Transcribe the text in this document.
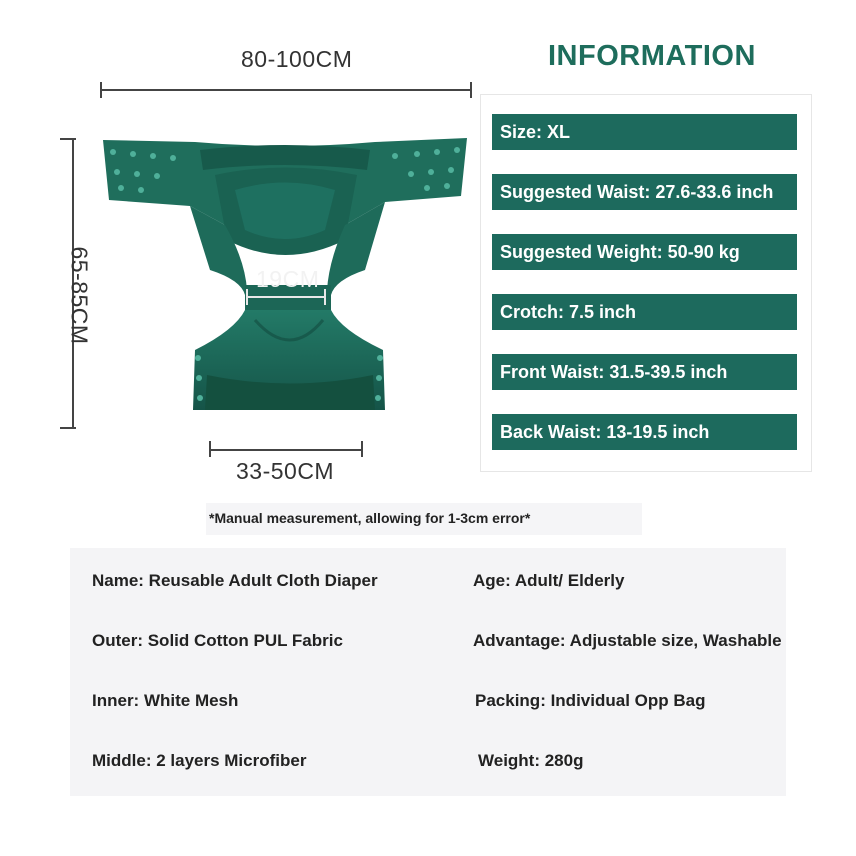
80-100CM
65-85CM	19CM
33-50CM
INFORMATION
Size: XL
Suggested Waist: 27.6-33.6 inch
Suggested Weight: 50-90 kg
Crotch: 7.5 inch
Front Waist: 31.5-39.5 inch
Back Waist: 13-19.5 inch
*Manual measurement, allowing for 1-3cm error*
Name: Reusable Adult Cloth Diaper	Age: Adult/ Elderly
Outer: Solid Cotton PUL Fabric	Advantage: Adjustable size, Washable
Inner: White Mesh	Packing: Individual Opp Bag
Middle: 2 layers Microfiber	Weight: 280g
